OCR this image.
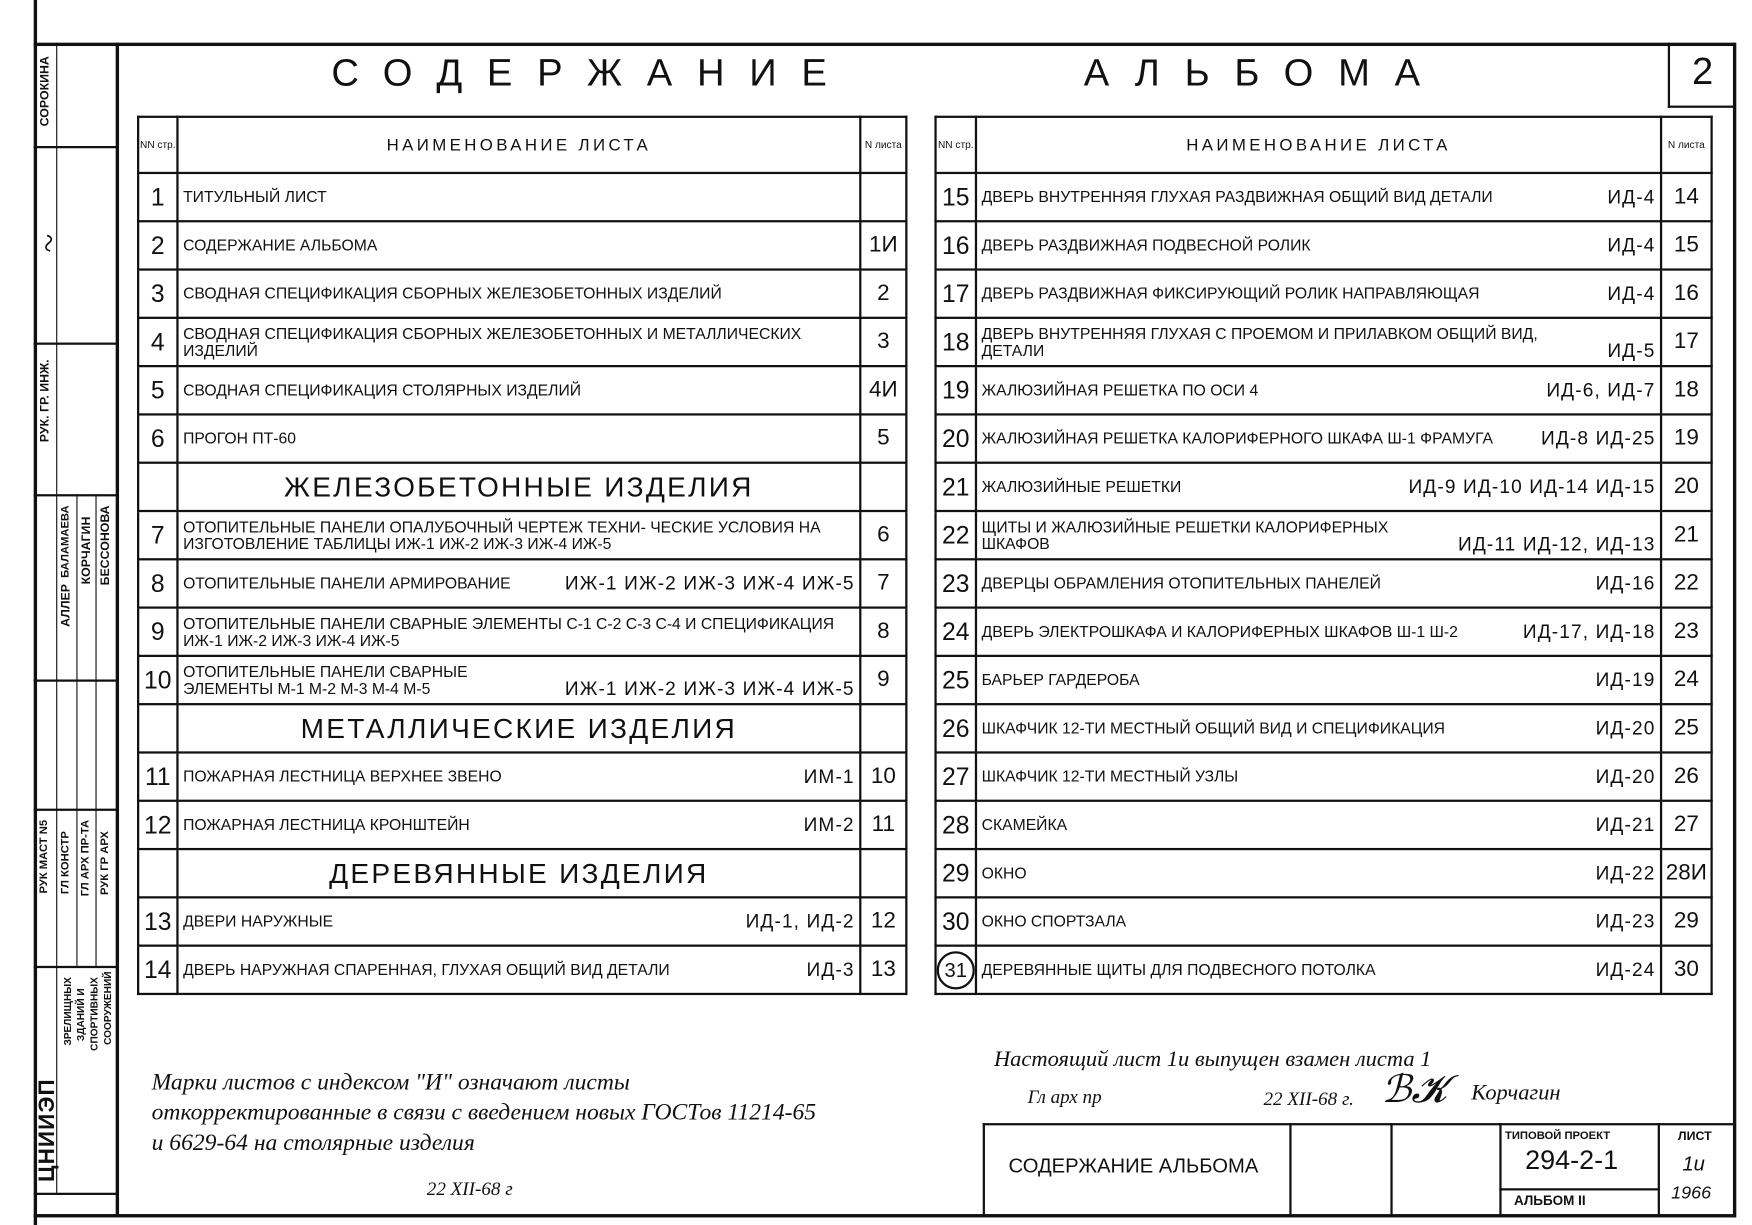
СОРОКИНА
РУК. ГР. ИНЖ.
АЛЛЕР
БАЛАМАЕВА КОРЧАГИН БЕССОНОВА
РУК МАСТ N5 ГЛ КОНСТР ГЛ АРХ ПР-ТА РУК ГР АРХ
ЦНИИЭП
ЗРЕЛИЩНЫХ ЗДАНИЙ И СПОРТИВНЫХ СООРУЖЕНИЙ
~
СОДЕРЖАНИЕ	АЛЬБОМА	2
NN стр.	НАИМЕНОВАНИЕ ЛИСТА	N листа
1	ТИТУЛЬНЫЙ ЛИСТ	

2	СОДЕРЖАНИЕ АЛЬБОМА	1И
3	СВОДНАЯ СПЕЦИФИКАЦИЯ СБОРНЫХ ЖЕЛЕЗОБЕТОННЫХ ИЗДЕЛИЙ	2
4	СВОДНАЯ СПЕЦИФИКАЦИЯ СБОРНЫХ ЖЕЛЕЗОБЕТОННЫХ И МЕТАЛЛИЧЕСКИХ ИЗДЕЛИЙ	3
5	СВОДНАЯ СПЕЦИФИКАЦИЯ СТОЛЯРНЫХ ИЗДЕЛИЙ	4И
6	ПРОГОН ПТ-60	5
	ЖЕЛЕЗОБЕТОННЫЕ ИЗДЕЛИЯ	
7	ОТОПИТЕЛЬНЫЕ ПАНЕЛИ ОПАЛУБОЧНЫЙ ЧЕРТЕЖ ТЕХНИ- ЧЕСКИЕ УСЛОВИЯ НА ИЗГОТОВЛЕНИЕ ТАБЛИЦЫ ИЖ-1 ИЖ-2 ИЖ-3 ИЖ-4 ИЖ-5	6
8	ОТОПИТЕЛЬНЫЕ ПАНЕЛИ АРМИРОВАНИЕ ИЖ-1 ИЖ-2 ИЖ-3 ИЖ-4 ИЖ-5	7
9	ОТОПИТЕЛЬНЫЕ ПАНЕЛИ СВАРНЫЕ ЭЛЕМЕНТЫ С-1 С-2 С-3 С-4 И СПЕЦИФИКАЦИЯ ИЖ-1 ИЖ-2 ИЖ-3 ИЖ-4 ИЖ-5	8
10	ОТОПИТЕЛЬНЫЕ ПАНЕЛИ СВАРНЫЕ ЭЛЕМЕНТЫ М-1 М-2 М-3 М-4 М-5 ИЖ-1 ИЖ-2 ИЖ-3 ИЖ-4 ИЖ-5	9
	МЕТАЛЛИЧЕСКИЕ ИЗДЕЛИЯ	
11	ПОЖАРНАЯ ЛЕСТНИЦА ВЕРХНЕЕ ЗВЕНО ИМ-1	10
12	ПОЖАРНАЯ ЛЕСТНИЦА КРОНШТЕЙН ИМ-2	11
	ДЕРЕВЯННЫЕ ИЗДЕЛИЯ	
13	ДВЕРИ НАРУЖНЫЕ ИД-1, ИД-2	12
14	ДВЕРЬ НАРУЖНАЯ СПАРЕННАЯ, ГЛУХАЯ ОБЩИЙ ВИД ДЕТАЛИ ИД-3	13
NN стр.	НАИМЕНОВАНИЕ ЛИСТА	N листа
15	ДВЕРЬ ВНУТРЕННЯЯ ГЛУХАЯ РАЗДВИЖНАЯ ОБЩИЙ ВИД ДЕТАЛИ ИД-4	14
16	ДВЕРЬ РАЗДВИЖНАЯ ПОДВЕСНОЙ РОЛИК ИД-4	15
17	ДВЕРЬ РАЗДВИЖНАЯ ФИКСИРУЮЩИЙ РОЛИК НАПРАВЛЯЮЩАЯ ИД-4	16
18	ДВЕРЬ ВНУТРЕННЯЯ ГЛУХАЯ С ПРОЕМОМ И ПРИЛАВКОМ ОБЩИЙ ВИД, ДЕТАЛИ ИД-5	17
19	ЖАЛЮЗИЙНАЯ РЕШЕТКА ПО ОСИ 4 ИД-6, ИД-7	18
20	ЖАЛЮЗИЙНАЯ РЕШЕТКА КАЛОРИФЕРНОГО ШКАФА Ш-1 ФРАМУГА ИД-8 ИД-25	19
21	ЖАЛЮЗИЙНЫЕ РЕШЕТКИ ИД-9 ИД-10 ИД-14 ИД-15	20
22	ЩИТЫ И ЖАЛЮЗИЙНЫЕ РЕШЕТКИ КАЛОРИФЕРНЫХ ШКАФОВ ИД-11 ИД-12, ИД-13	21
23	ДВЕРЦЫ ОБРАМЛЕНИЯ ОТОПИТЕЛЬНЫХ ПАНЕЛЕЙ ИД-16	22
24	ДВЕРЬ ЭЛЕКТРОШКАФА И КАЛОРИФЕРНЫХ ШКАФОВ Ш-1 Ш-2 ИД-17, ИД-18	23
25	БАРЬЕР ГАРДЕРОБА ИД-19	24
26	ШКАФЧИК 12-ТИ МЕСТНЫЙ ОБЩИЙ ВИД И СПЕЦИФИКАЦИЯ ИД-20	25
27	ШКАФЧИК 12-ТИ МЕСТНЫЙ УЗЛЫ ИД-20	26
28	СКАМЕЙКА ИД-21	27
29	ОКНО ИД-22	28И
30	ОКНО СПОРТЗАЛА ИД-23	29
31	ДЕРЕВЯННЫЕ ЩИТЫ ДЛЯ ПОДВЕСНОГО ПОТОЛКА ИД-24	30
Марки листов с индексом "И" означают листы откорректированные в связи с введением новых ГОСТов 11214-65 и 6629-64 на столярные изделия
22 XII-68 г
Настоящий лист 1и выпущен взамен листа 1
Гл арх пр	22 XII-68 г. ℬ𝓚 Корчагин
СОДЕРЖАНИЕ АЛЬБОМА
ТИПОВОЙ ПРОЕКТ
294-2-1
АЛЬБОМ II
ЛИСТ
1и
1966
